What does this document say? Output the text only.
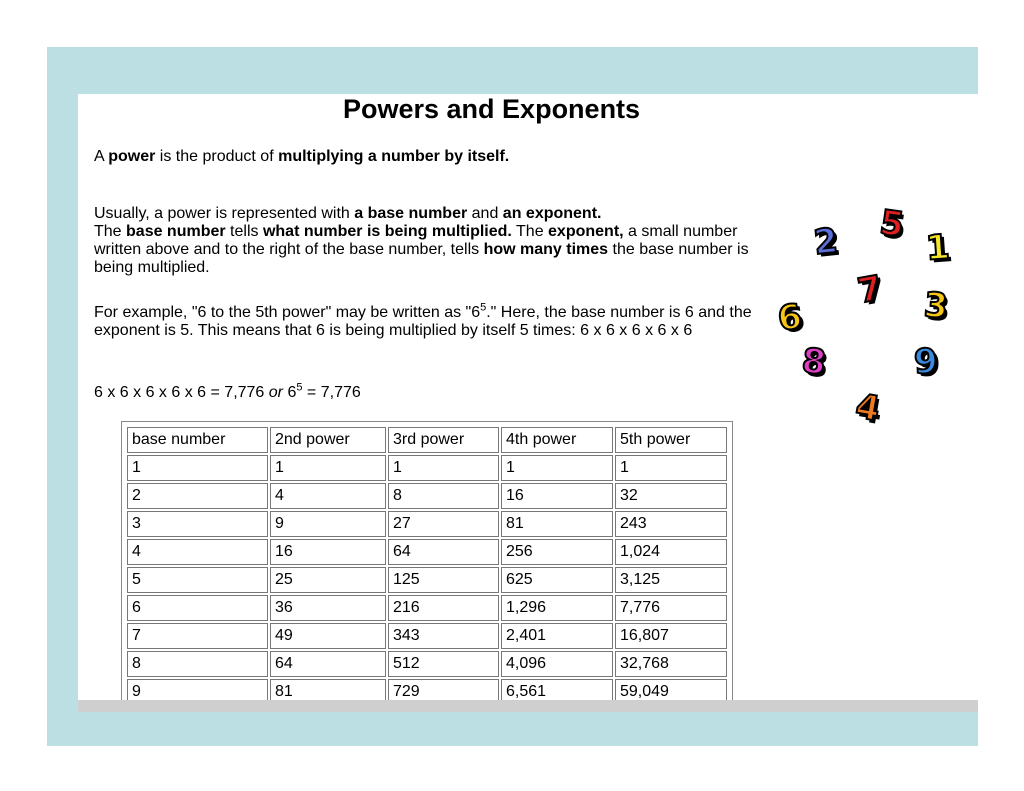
Powers and Exponents
A power is the product of multiplying a number by itself.
Usually, a power is represented with a base number and an exponent.
The base number tells what number is being multiplied. The exponent, a small number written above and to the right of the base number, tells how many times the base number is being multiplied.
For example, "6 to the 5th power" may be written as "$6^5$." Here, the base number is 6 and the exponent is 5. This means that 6 is being multiplied by itself 5 times: 6 x 6 x 6 x 6 x 6
6 x 6 x 6 x 6 x 6 = 7,776 or $6^5 = 7,776$
base number	2nd power	3rd power	4th power	5th power
1	1	1	1	1
2	4	8	16	32
3	9	27	81	243
4	16	64	256	1,024
5	25	125	625	3,125
6	36	216	1,296	7,776
7	49	343	2,401	16,807
8	64	512	4,096	32,768
9	81	729	6,561	59,049
2 5
1
7
6	3
8	9
4
